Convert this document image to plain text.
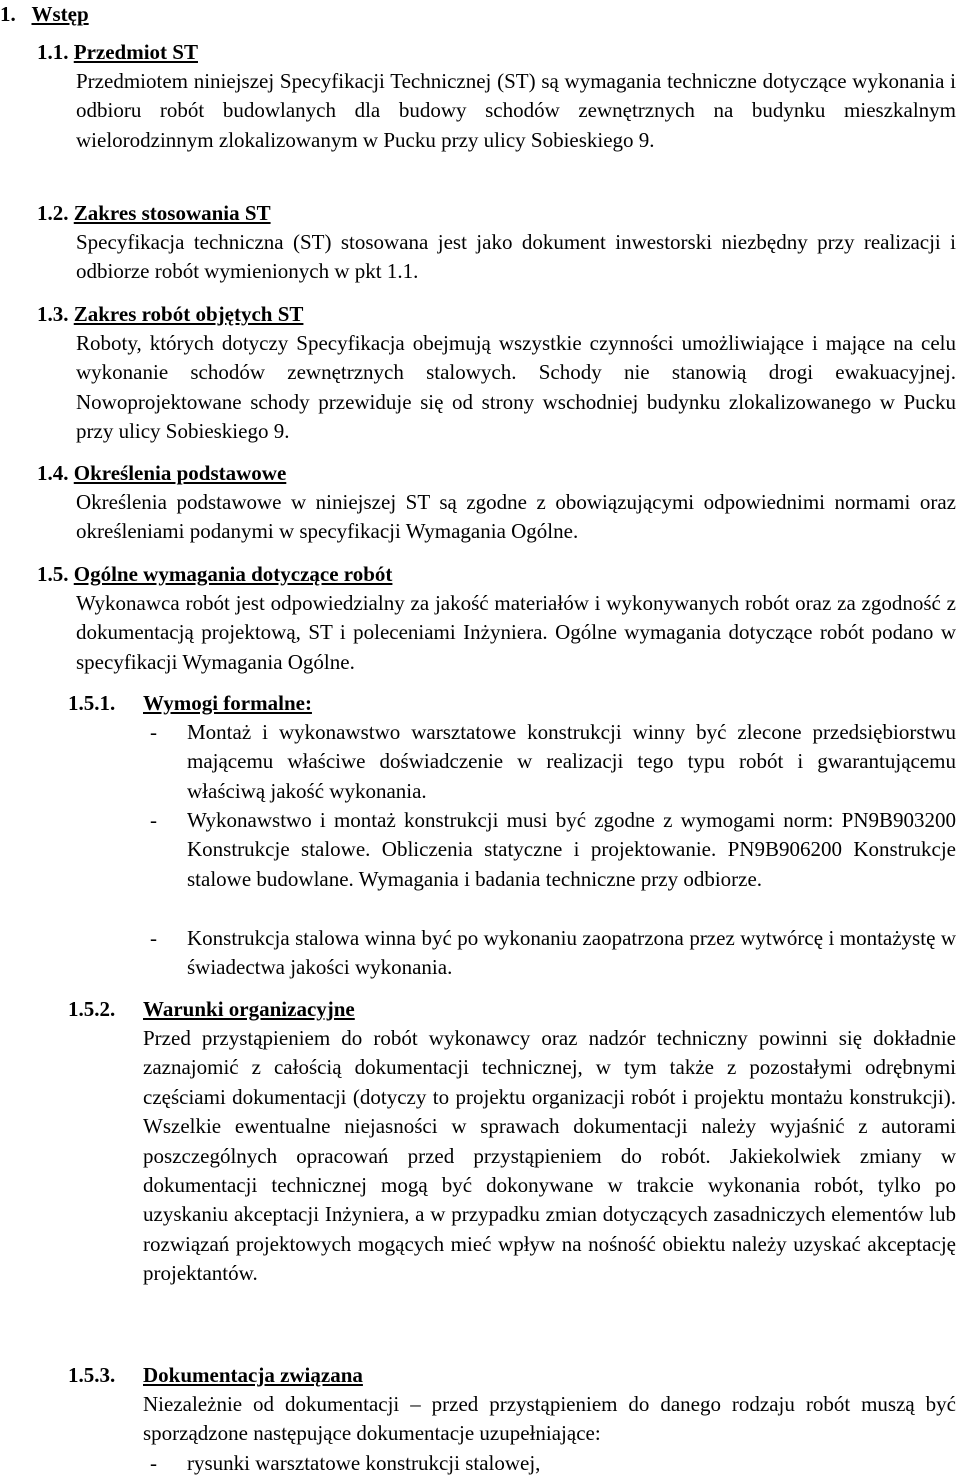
1. Wstęp
1.1. Przedmiot ST
Przedmiotem niniejszej Specyfikacji Technicznej (ST) są wymagania techniczne dotyczące wykonania i odbioru robót budowlanych dla budowy schodów zewnętrznych na budynku mieszkalnym wielorodzinnym zlokalizowanym w Pucku przy ulicy Sobieskiego 9.
1.2. Zakres stosowania ST
Specyfikacja techniczna (ST) stosowana jest jako dokument inwestorski niezbędny przy realizacji i odbiorze robót wymienionych w pkt 1.1.
1.3. Zakres robót objętych ST
Roboty, których dotyczy Specyfikacja obejmują wszystkie czynności umożliwiające i mające na celu wykonanie schodów zewnętrznych stalowych. Schody nie stanowią drogi ewakuacyjnej. Nowoprojektowane schody przewiduje się od strony wschodniej budynku zlokalizowanego w Pucku przy ulicy Sobieskiego 9.
1.4. Określenia podstawowe
Określenia podstawowe w niniejszej ST są zgodne z obowiązującymi odpowiednimi normami oraz określeniami podanymi w specyfikacji Wymagania Ogólne.
1.5. Ogólne wymagania dotyczące robót
Wykonawca robót jest odpowiedzialny za jakość materiałów i wykonywanych robót oraz za zgodność z dokumentacją projektową, ST i poleceniami Inżyniera. Ogólne wymagania dotyczące robót podano w specyfikacji Wymagania Ogólne.
1.5.1. Wymogi formalne:
- Montaż i wykonawstwo warsztatowe konstrukcji winny być zlecone przedsiębiorstwu mającemu właściwe doświadczenie w realizacji tego typu robót i gwarantującemu właściwą jakość wykonania.
- Wykonawstwo i montaż konstrukcji musi być zgodne z wymogami norm: PN9B903200 Konstrukcje stalowe. Obliczenia statyczne i projektowanie. PN9B906200 Konstrukcje stalowe budowlane. Wymagania i badania techniczne przy odbiorze.
- Konstrukcja stalowa winna być po wykonaniu zaopatrzona przez wytwórcę i montażystę w świadectwa jakości wykonania.
1.5.2. Warunki organizacyjne
Przed przystąpieniem do robót wykonawcy oraz nadzór techniczny powinni się dokładnie zaznajomić z całością dokumentacji technicznej, w tym także z pozostałymi odrębnymi częściami dokumentacji (dotyczy to projektu organizacji robót i projektu montażu konstrukcji). Wszelkie ewentualne niejasności w sprawach dokumentacji należy wyjaśnić z autorami poszczególnych opracowań przed przystąpieniem do robót. Jakiekolwiek zmiany w dokumentacji technicznej mogą być dokonywane w trakcie wykonania robót, tylko po uzyskaniu akceptacji Inżyniera, a w przypadku zmian dotyczących zasadniczych elementów lub rozwiązań projektowych mogących mieć wpływ na nośność obiektu należy uzyskać akceptację projektantów.
1.5.3. Dokumentacja związana
Niezależnie od dokumentacji – przed przystąpieniem do danego rodzaju robót muszą być sporządzone następujące dokumentacje uzupełniające:
- rysunki warsztatowe konstrukcji stalowej,
